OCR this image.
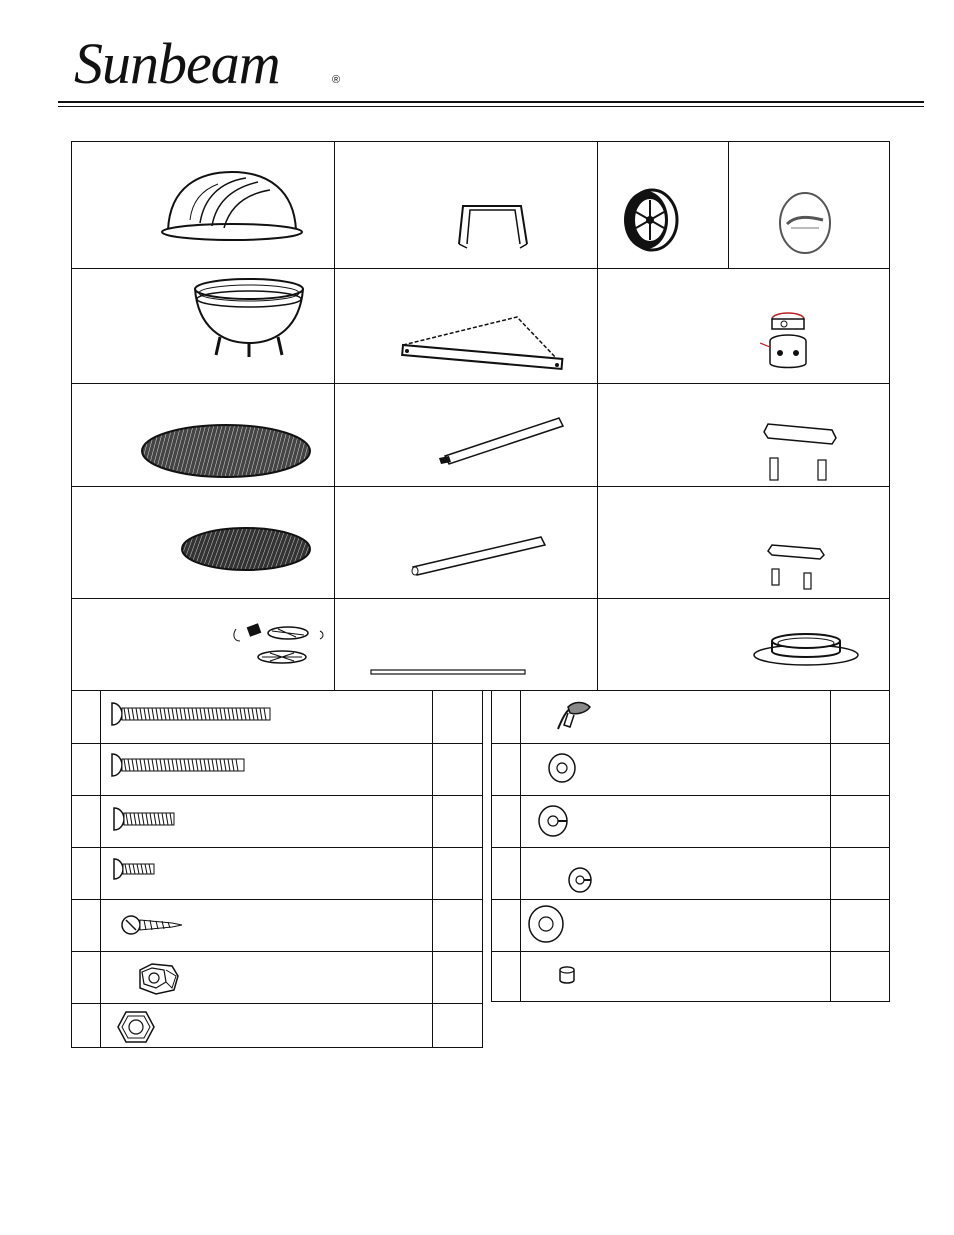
Sunbeam	®
